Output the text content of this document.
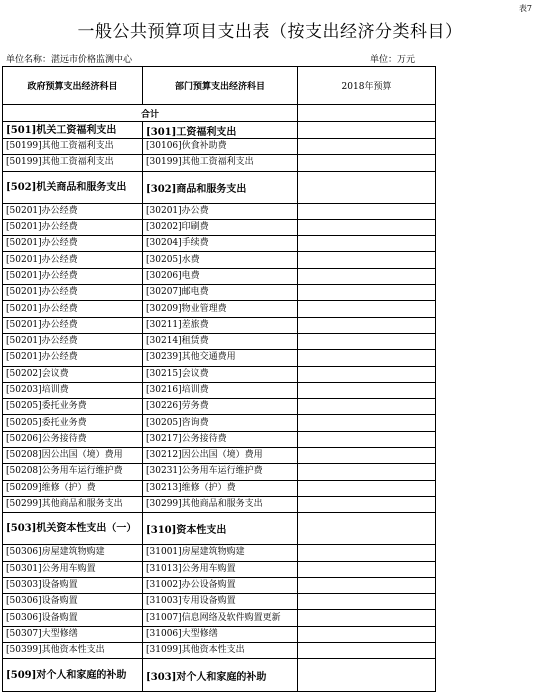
表7
一般公共预算项目支出表（按支出经济分类科目）
单位名称：湛远市价格监测中心	单位：万元
政府预算支出经济科目	部门预算支出经济科目	2018年预算
合计		
[501]机关工资福利支出	[301]工资福利支出	
[50199]其他工资福利支出	[30106]伙食补助费	
[50199]其他工资福利支出	[30199]其他工资福利支出	
[502]机关商品和服务支出	[302]商品和服务支出	
[50201]办公经费	[30201]办公费	
[50201]办公经费	[30202]印刷费	
[50201]办公经费	[30204]手续费	
[50201]办公经费	[30205]水费	
[50201]办公经费	[30206]电费	
[50201]办公经费	[30207]邮电费	
[50201]办公经费	[30209]物业管理费	
[50201]办公经费	[30211]差旅费	
[50201]办公经费	[30214]租赁费	
[50201]办公经费	[30239]其他交通费用	
[50202]会议费	[30215]会议费	
[50203]培训费	[30216]培训费	
[50205]委托业务费	[30226]劳务费	
[50205]委托业务费	[30205]咨询费	
[50206]公务接待费	[30217]公务接待费	
[50208]因公出国（境）费用	[30212]因公出国（境）费用	
[50208]公务用车运行维护费	[30231]公务用车运行维护费	
[50209]维修（护）费	[30213]维修（护）费	
[50299]其他商品和服务支出	[30299]其他商品和服务支出	
[503]机关资本性支出（一）	[310]资本性支出	
[50306]房屋建筑物购建	[31001]房屋建筑物购建	
[50301]公务用车购置	[31013]公务用车购置	
[50303]设备购置	[31002]办公设备购置	
[50306]设备购置	[31003]专用设备购置	
[50306]设备购置	[31007]信息网络及软件购置更新	
[50307]大型修缮	[31006]大型修缮	
[50399]其他资本性支出	[31099]其他资本性支出	
[509]对个人和家庭的补助	[303]对个人和家庭的补助	
